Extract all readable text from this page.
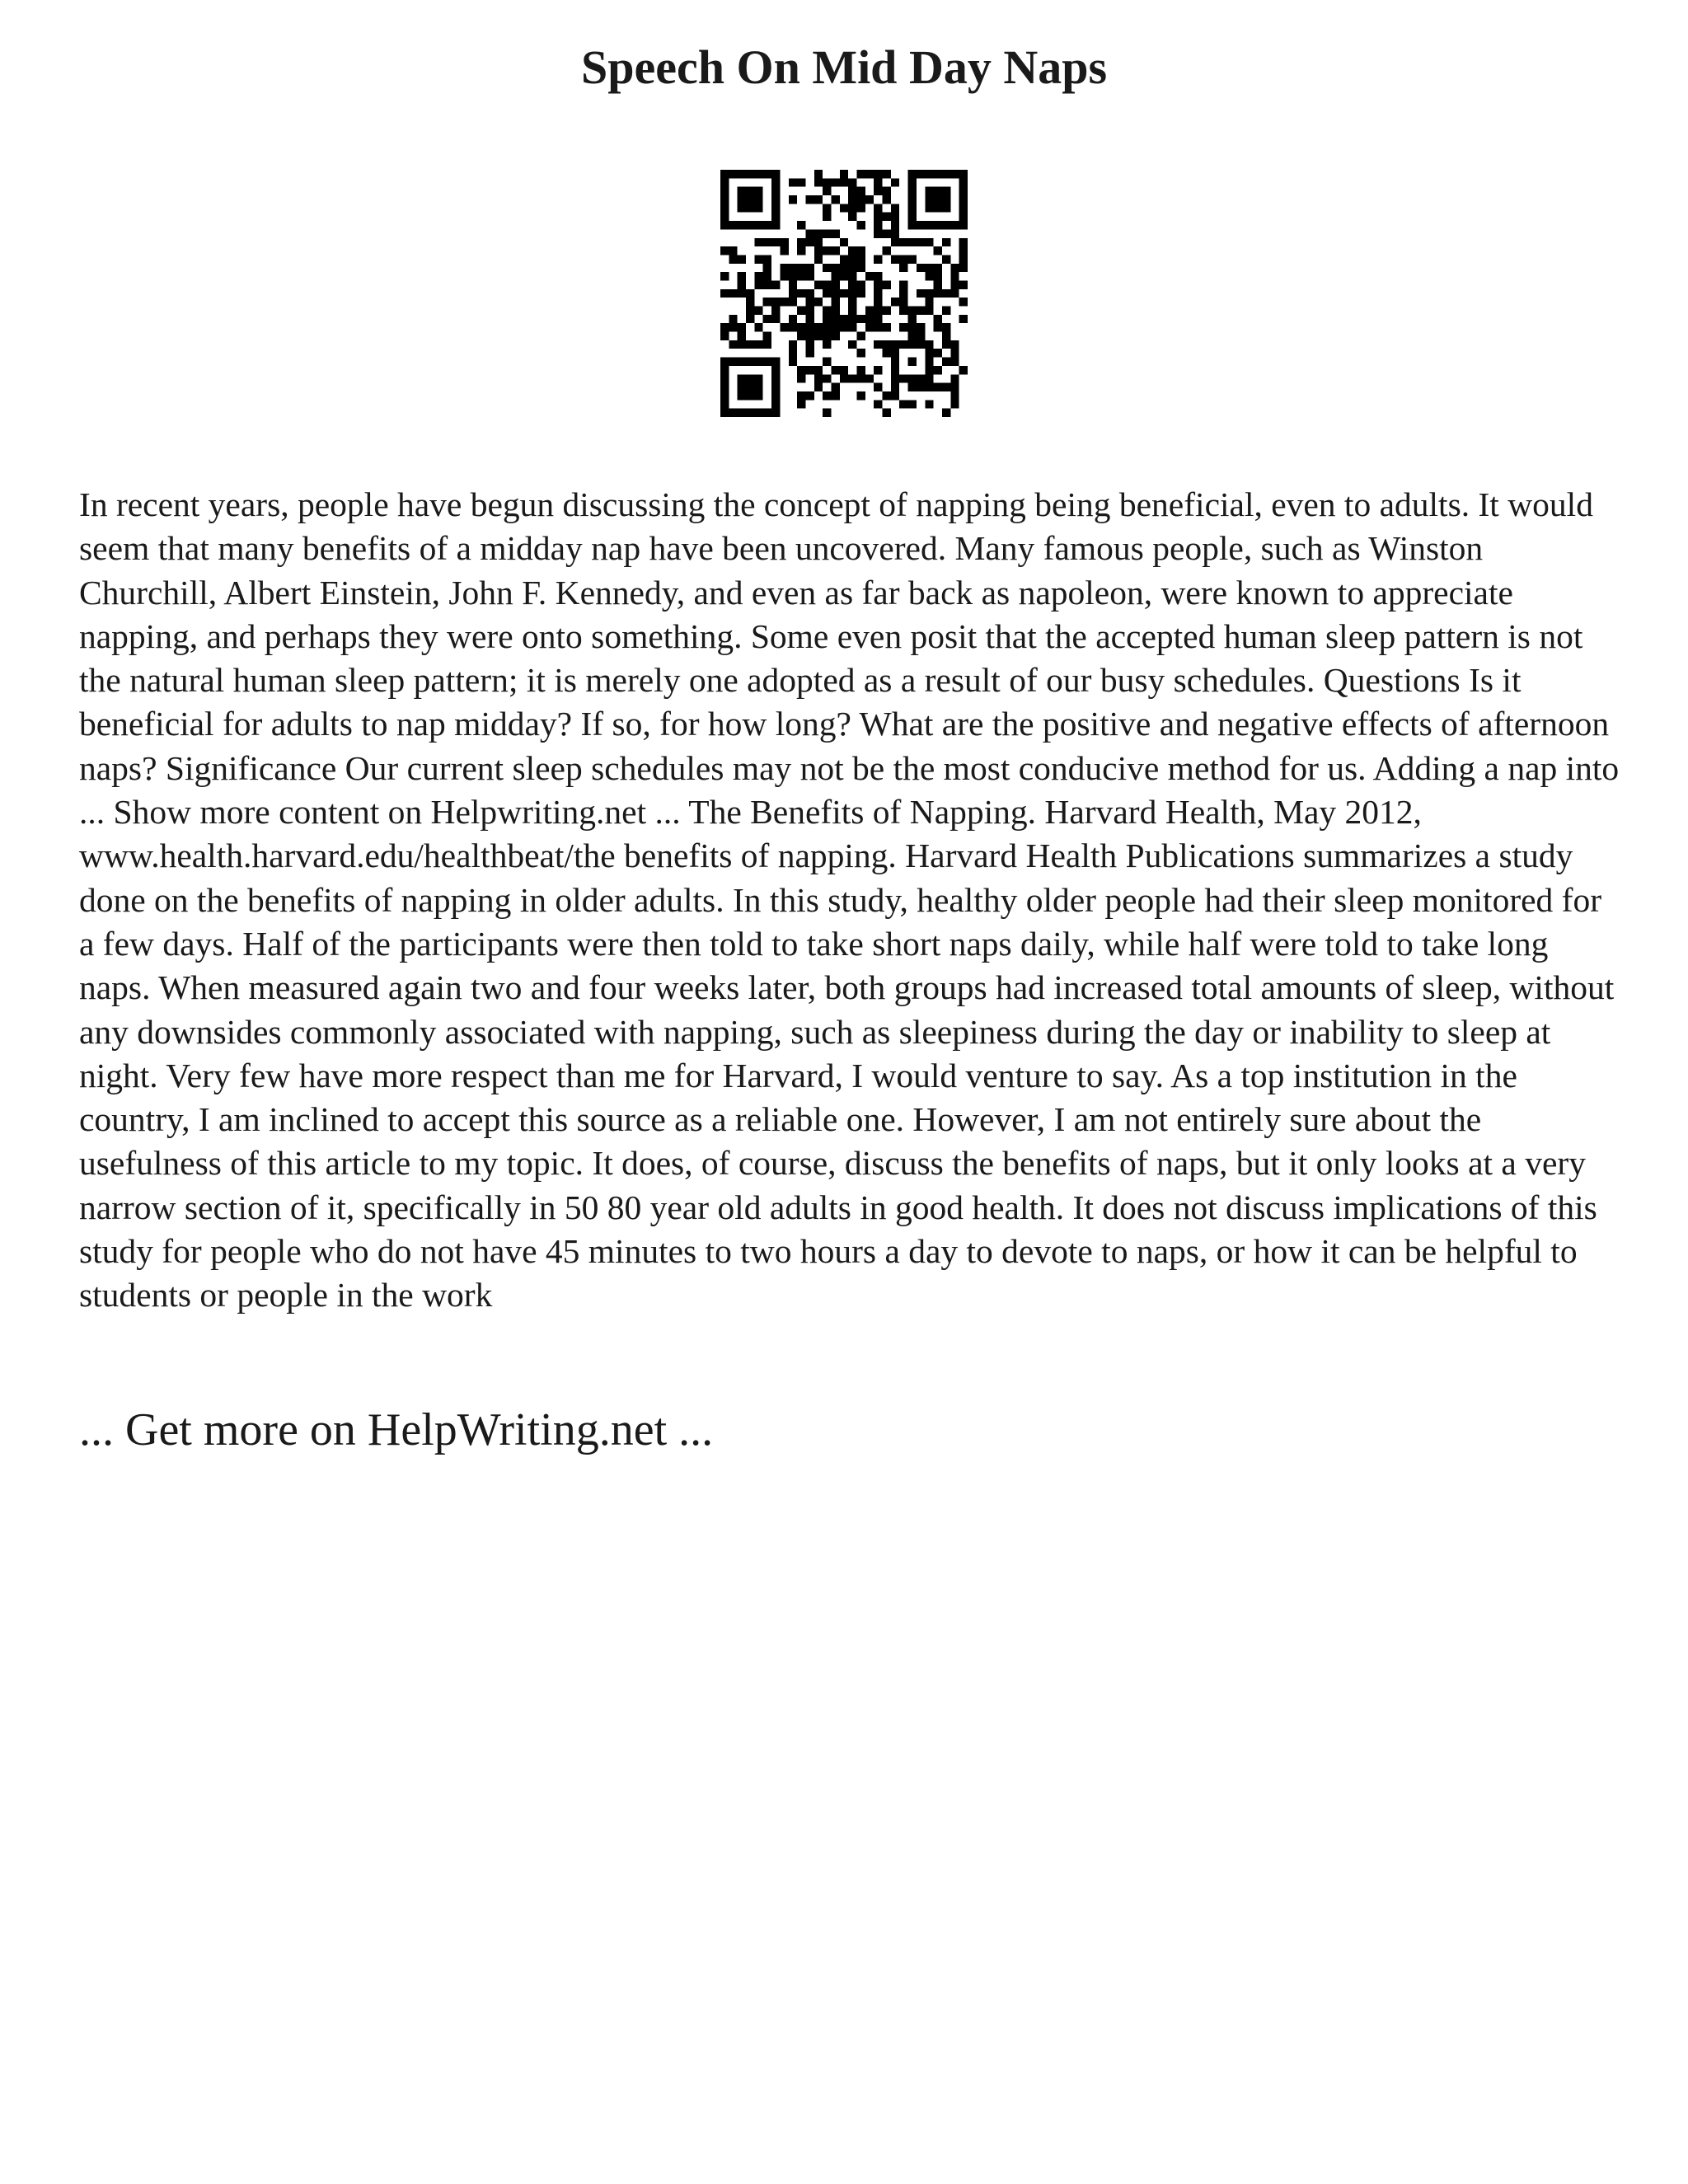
Speech On Mid Day Naps

In recent years, people have begun discussing the concept of napping being beneficial, even to adults. It would seem that many benefits of a midday nap have been uncovered. Many famous people, such as Winston Churchill, Albert Einstein, John F. Kennedy, and even as far back as napoleon, were known to appreciate napping, and perhaps they were onto something. Some even posit that the accepted human sleep pattern is not the natural human sleep pattern; it is merely one adopted as a result of our busy schedules. Questions Is it beneficial for adults to nap midday? If so, for how long? What are the positive and negative effects of afternoon naps? Significance Our current sleep schedules may not be the most conducive method for us. Adding a nap into ... Show more content on Helpwriting.net ... The Benefits of Napping. Harvard Health, May 2012, www.health.harvard.edu/healthbeat/the benefits of napping. Harvard Health Publications summarizes a study done on the benefits of napping in older adults. In this study, healthy older people had their sleep monitored for a few days. Half of the participants were then told to take short naps daily, while half were told to take long naps. When measured again two and four weeks later, both groups had increased total amounts of sleep, without any downsides commonly associated with napping, such as sleepiness during the day or inability to sleep at night. Very few have more respect than me for Harvard, I would venture to say. As a top institution in the country, I am inclined to accept this source as a reliable one. However, I am not entirely sure about the usefulness of this article to my topic. It does, of course, discuss the benefits of naps, but it only looks at a very narrow section of it, specifically in 50 80 year old adults in good health. It does not discuss implications of this study for people who do not have 45 minutes to two hours a day to devote to naps, or how it can be helpful to students or people in the work

... Get more on HelpWriting.net ...
